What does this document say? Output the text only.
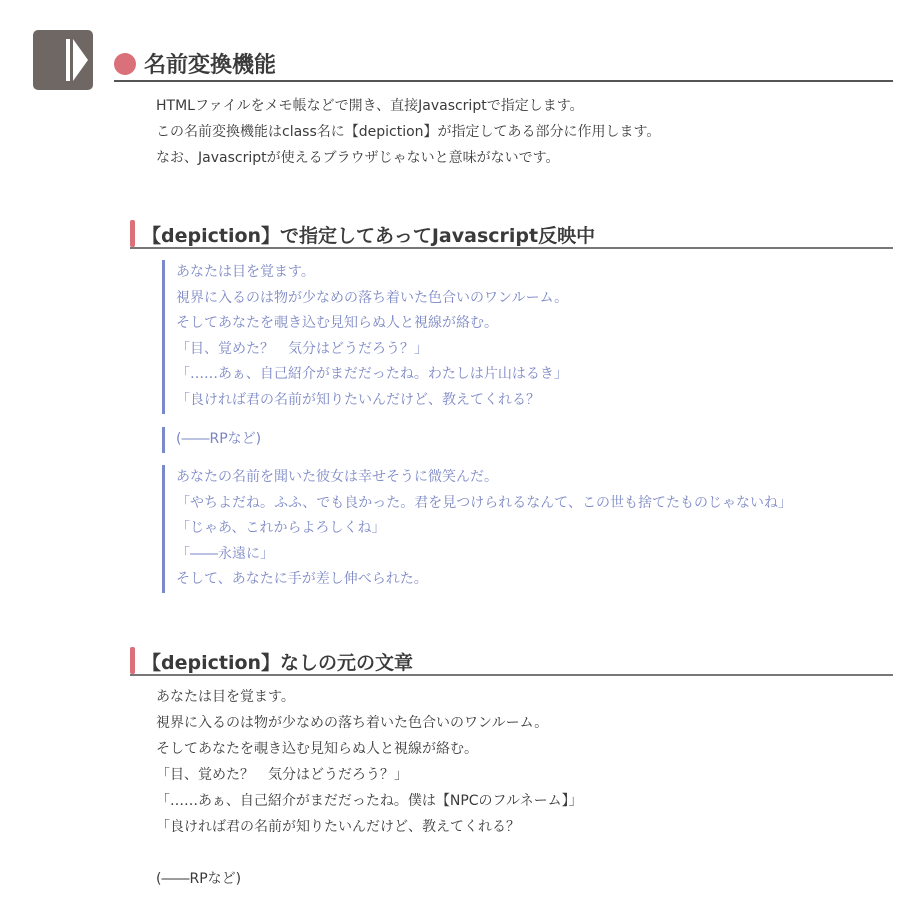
名前変換機能

HTMLファイルをメモ帳などで開き、直接Javascriptで指定します。

この名前変換機能はclass名に【depiction】が指定してある部分に作用します。

なお、Javascriptが使えるブラウザじゃないと意味がないです。

【depiction】で指定してあってJavascript反映中

あなたは目を覚ます。

視界に入るのは物が少なめの落ち着いた色合いのワンルーム。

そしてあなたを覗き込む見知らぬ人と視線が絡む。

「目、覚めた？　気分はどうだろう？」

「……あぁ、自己紹介がまだだったね。わたしは片山はるき」

「良ければ君の名前が知りたいんだけど、教えてくれる？

(――RPなど)

あなたの名前を聞いた彼女は幸せそうに微笑んだ。

「やちよだね。ふふ、でも良かった。君を見つけられるなんて、この世も捨てたものじゃないね」

「じゃあ、これからよろしくね」

「――永遠に」

そして、あなたに手が差し伸べられた。

【depiction】なしの元の文章

あなたは目を覚ます。

視界に入るのは物が少なめの落ち着いた色合いのワンルーム。

そしてあなたを覗き込む見知らぬ人と視線が絡む。

「目、覚めた？　気分はどうだろう？」

「……あぁ、自己紹介がまだだったね。僕は【NPCのフルネーム】」

「良ければ君の名前が知りたいんだけど、教えてくれる？

(――RPなど)
